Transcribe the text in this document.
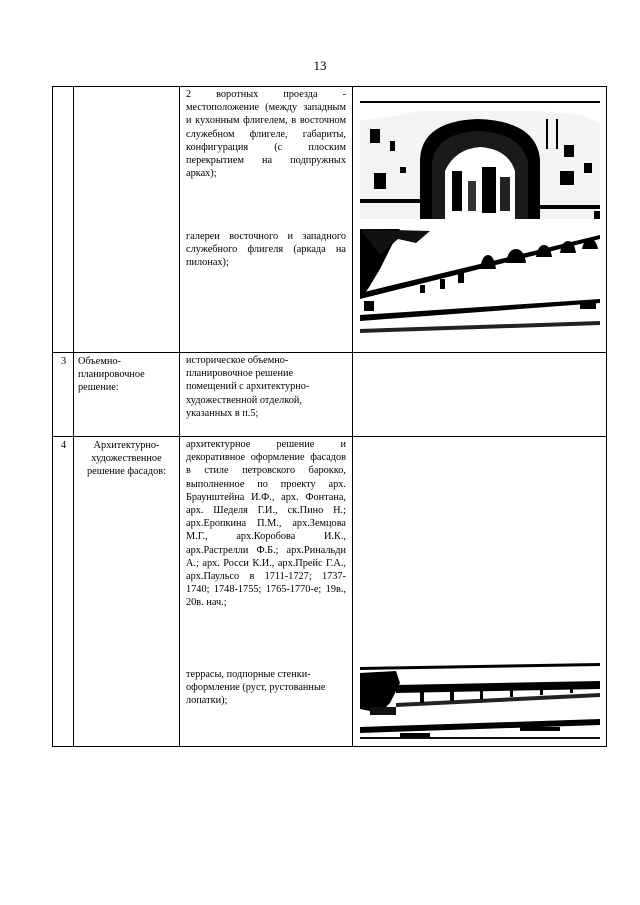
13

		2 воротных проезда - местоположение (между западным и кухонным флигелем, в восточном служебном флигеле, габариты, конфигурация (с плоским перекрытием на подпружных арках);
галереи восточного и западного служебного флигеля (аркада на пилонах);

3	Объемно-планировочное решение:	историческое объемно-планировочное решение помещений с архитектурно-художественной отделкой, указанных в п.5;	

4	Архитектурно-художественное решение фасадов:	архитектурное решение и декоративное оформление фасадов в стиле петровского барокко, выполненное по проекту арх. Браунштейна И.Ф., арх. Фонтана, арх. Шеделя Г.И., ск.Пино Н.; арх.Еропкина П.М., арх.Земцова М.Г., арх.Коробова И.К., арх.Растрелли Ф.Б.; арх.Ринальди А.; арх. Росси К.И., арх.Прейс Г.А., арх.Паульсо в 1711-1727; 1737-1740; 1748-1755; 1765-1770-е; 19в., 20в. нач.;
террасы, подпорные стенки-оформление (руст, рустованные лопатки);
